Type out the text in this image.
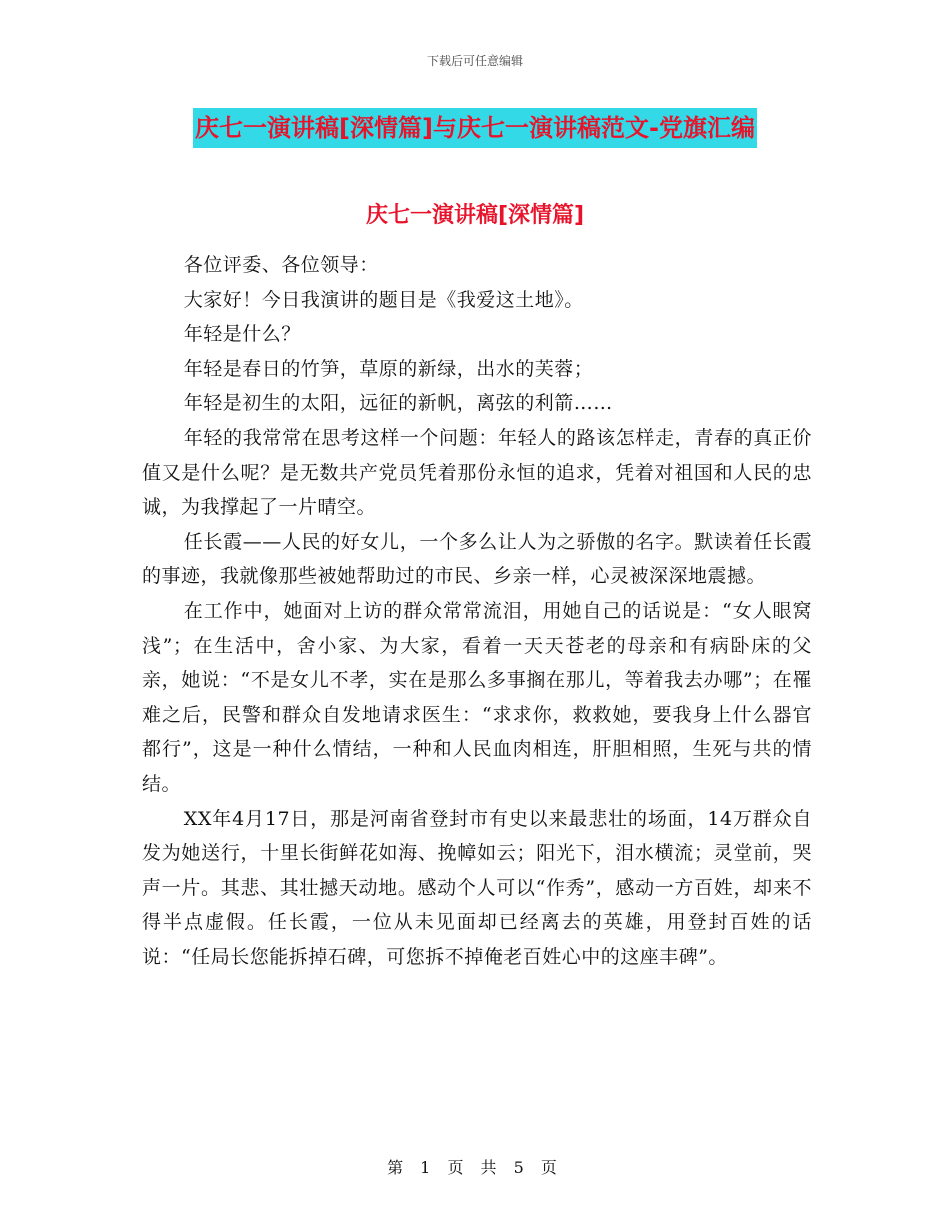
下载后可任意编辑
庆七一演讲稿[深情篇]与庆七一演讲稿范文-党旗汇编
庆七一演讲稿[深情篇]

各位评委、各位领导：

大家好！今日我演讲的题目是《我爱这土地》。

年轻是什么？

年轻是春日的竹笋，草原的新绿，出水的芙蓉；

年轻是初生的太阳，远征的新帆，离弦的利箭……

年轻的我常常在思考这样一个问题：年轻人的路该怎样走，青春的真正价值又是什么呢？是无数共产党员凭着那份永恒的追求，凭着对祖国和人民的忠诚，为我撑起了一片晴空。

任长霞——人民的好女儿，一个多么让人为之骄傲的名字。默读着任长霞的事迹，我就像那些被她帮助过的市民、乡亲一样，心灵被深深地震撼。

在工作中，她面对上访的群众常常流泪，用她自己的话说是：“女人眼窝浅”；在生活中，舍小家、为大家，看着一天天苍老的母亲和有病卧床的父亲，她说：“不是女儿不孝，实在是那么多事搁在那儿，等着我去办哪”；在罹难之后，民警和群众自发地请求医生：“求求你，救救她，要我身上什么器官都行”，这是一种什么情结，一种和人民血肉相连，肝胆相照，生死与共的情结。

XX年4月17日，那是河南省登封市有史以来最悲壮的场面，14万群众自发为她送行，十里长街鲜花如海、挽幛如云；阳光下，泪水横流；灵堂前，哭声一片。其悲、其壮撼天动地。感动个人可以“作秀”，感动一方百姓，却来不得半点虚假。任长霞，一位从未见面却已经离去的英雄，用登封百姓的话说：“任局长您能拆掉石碑，可您拆不掉俺老百姓心中的这座丰碑”。

第 1 页 共 5 页
